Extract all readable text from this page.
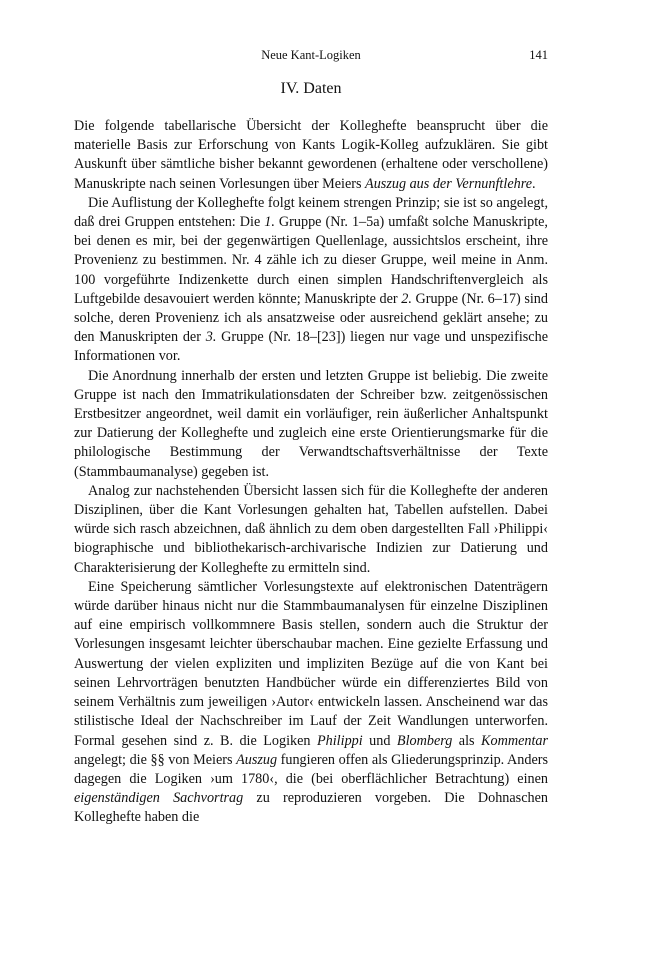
Neue Kant-Logiken	141
IV. Daten

Die folgende tabellarische Übersicht der Kolleghefte beansprucht über die materielle Basis zur Erforschung von Kants Logik-Kolleg aufzuklären. Sie gibt Auskunft über sämtliche bisher bekannt gewordenen (erhaltene oder verschollene) Manuskripte nach seinen Vorlesungen über Meiers Auszug aus der Vernunftlehre.

Die Auflistung der Kolleghefte folgt keinem strengen Prinzip; sie ist so angelegt, daß drei Gruppen entstehen: Die 1. Gruppe (Nr. 1–5a) umfaßt solche Manuskripte, bei denen es mir, bei der gegenwärtigen Quellenlage, aussichtslos erscheint, ihre Provenienz zu bestimmen. Nr. 4 zähle ich zu dieser Gruppe, weil meine in Anm. 100 vorgeführte Indizenkette durch einen simplen Handschriftenvergleich als Luftgebilde desavouiert werden könnte; Manuskripte der 2. Gruppe (Nr. 6–17) sind solche, deren Provenienz ich als ansatzweise oder ausreichend geklärt ansehe; zu den Manuskripten der 3. Gruppe (Nr. 18–[23]) liegen nur vage und unspezifische Informationen vor.

Die Anordnung innerhalb der ersten und letzten Gruppe ist beliebig. Die zweite Gruppe ist nach den Immatrikulationsdaten der Schreiber bzw. zeitgenössischen Erstbesitzer angeordnet, weil damit ein vorläufiger, rein äußerlicher Anhaltspunkt zur Datierung der Kolleghefte und zugleich eine erste Orientierungsmarke für die philologische Bestimmung der Verwandtschaftsverhältnisse der Texte (Stammbaumanalyse) gegeben ist.

Analog zur nachstehenden Übersicht lassen sich für die Kolleghefte der anderen Disziplinen, über die Kant Vorlesungen gehalten hat, Tabellen aufstellen. Dabei würde sich rasch abzeichnen, daß ähnlich zu dem oben dargestellten Fall ›Philippi‹ biographische und bibliothekarisch-archivarische Indizien zur Datierung und Charakterisierung der Kolleghefte zu ermitteln sind.

Eine Speicherung sämtlicher Vorlesungstexte auf elektronischen Datenträgern würde darüber hinaus nicht nur die Stammbaumanalysen für einzelne Disziplinen auf eine empirisch vollkommnere Basis stellen, sondern auch die Struktur der Vorlesungen insgesamt leichter überschaubar machen. Eine gezielte Erfassung und Auswertung der vielen expliziten und impliziten Bezüge auf die von Kant bei seinen Lehrvorträgen benutzten Handbücher würde ein differenziertes Bild von seinem Verhältnis zum jeweiligen ›Autor‹ entwickeln lassen. Anscheinend war das stilistische Ideal der Nachschreiber im Lauf der Zeit Wandlungen unterworfen. Formal gesehen sind z. B. die Logiken Philippi und Blomberg als Kommentar angelegt; die §§ von Meiers Auszug fungieren offen als Gliederungsprinzip. Anders dagegen die Logiken ›um 1780‹, die (bei oberflächlicher Betrachtung) einen eigenständigen Sachvortrag zu reproduzieren vorgeben. Die Dohnaschen Kolleghefte haben die
